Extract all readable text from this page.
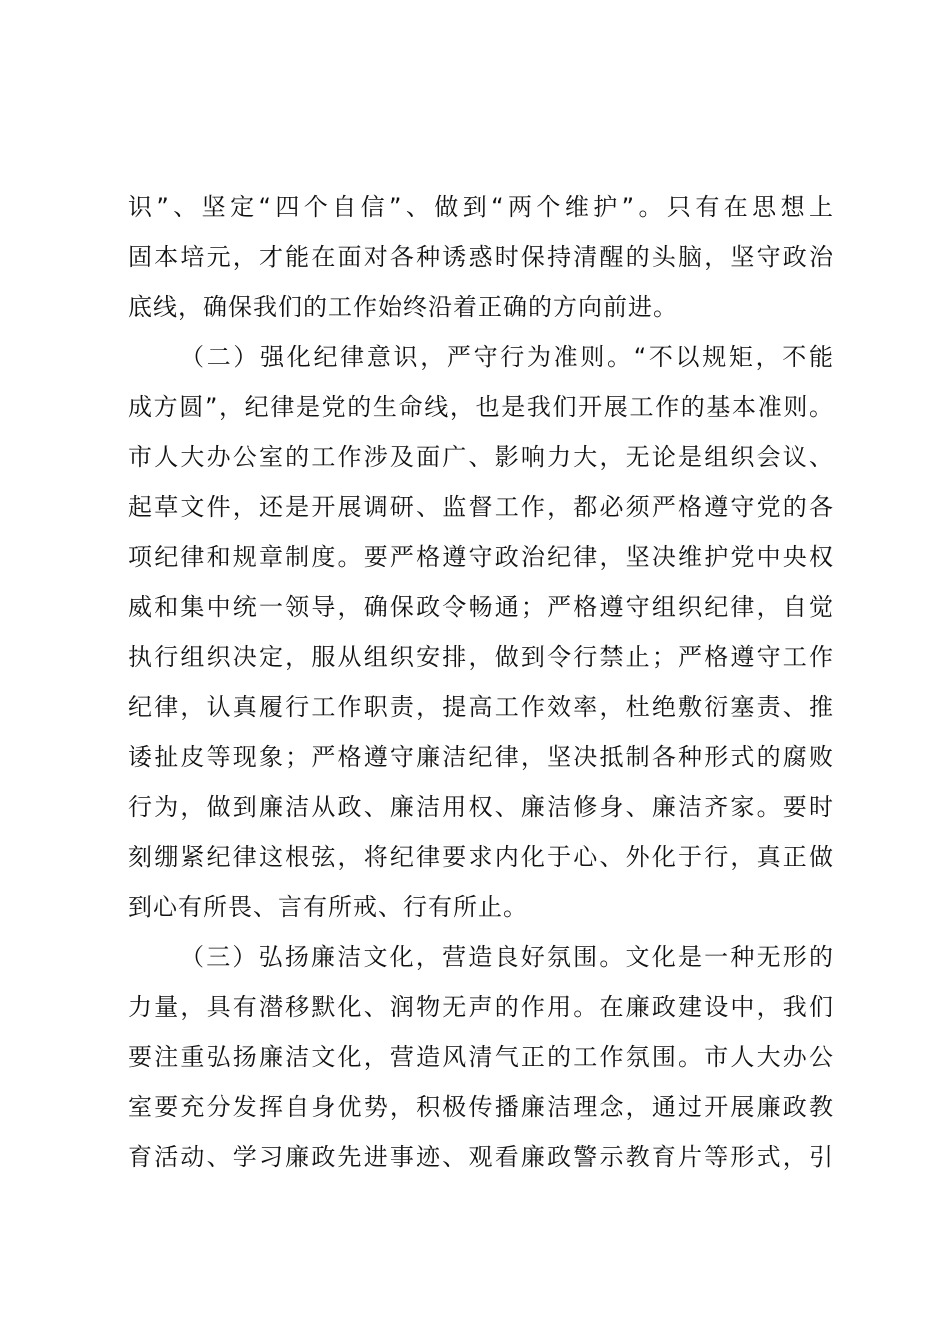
识”、坚定“四个自信”、做到“两个维护”。只有在思想上
固本培元，才能在面对各种诱惑时保持清醒的头脑，坚守政治
底线，确保我们的工作始终沿着正确的方向前进。
（二）强化纪律意识，严守行为准则。“不以规矩，不能
成方圆”，纪律是党的生命线，也是我们开展工作的基本准则。
市人大办公室的工作涉及面广、影响力大，无论是组织会议、
起草文件，还是开展调研、监督工作，都必须严格遵守党的各
项纪律和规章制度。要严格遵守政治纪律，坚决维护党中央权
威和集中统一领导，确保政令畅通；严格遵守组织纪律，自觉
执行组织决定，服从组织安排，做到令行禁止；严格遵守工作
纪律，认真履行工作职责，提高工作效率，杜绝敷衍塞责、推
诿扯皮等现象；严格遵守廉洁纪律，坚决抵制各种形式的腐败
行为，做到廉洁从政、廉洁用权、廉洁修身、廉洁齐家。要时
刻绷紧纪律这根弦，将纪律要求内化于心、外化于行，真正做
到心有所畏、言有所戒、行有所止。
（三）弘扬廉洁文化，营造良好氛围。文化是一种无形的
力量，具有潜移默化、润物无声的作用。在廉政建设中，我们
要注重弘扬廉洁文化，营造风清气正的工作氛围。市人大办公
室要充分发挥自身优势，积极传播廉洁理念，通过开展廉政教
育活动、学习廉政先进事迹、观看廉政警示教育片等形式，引
